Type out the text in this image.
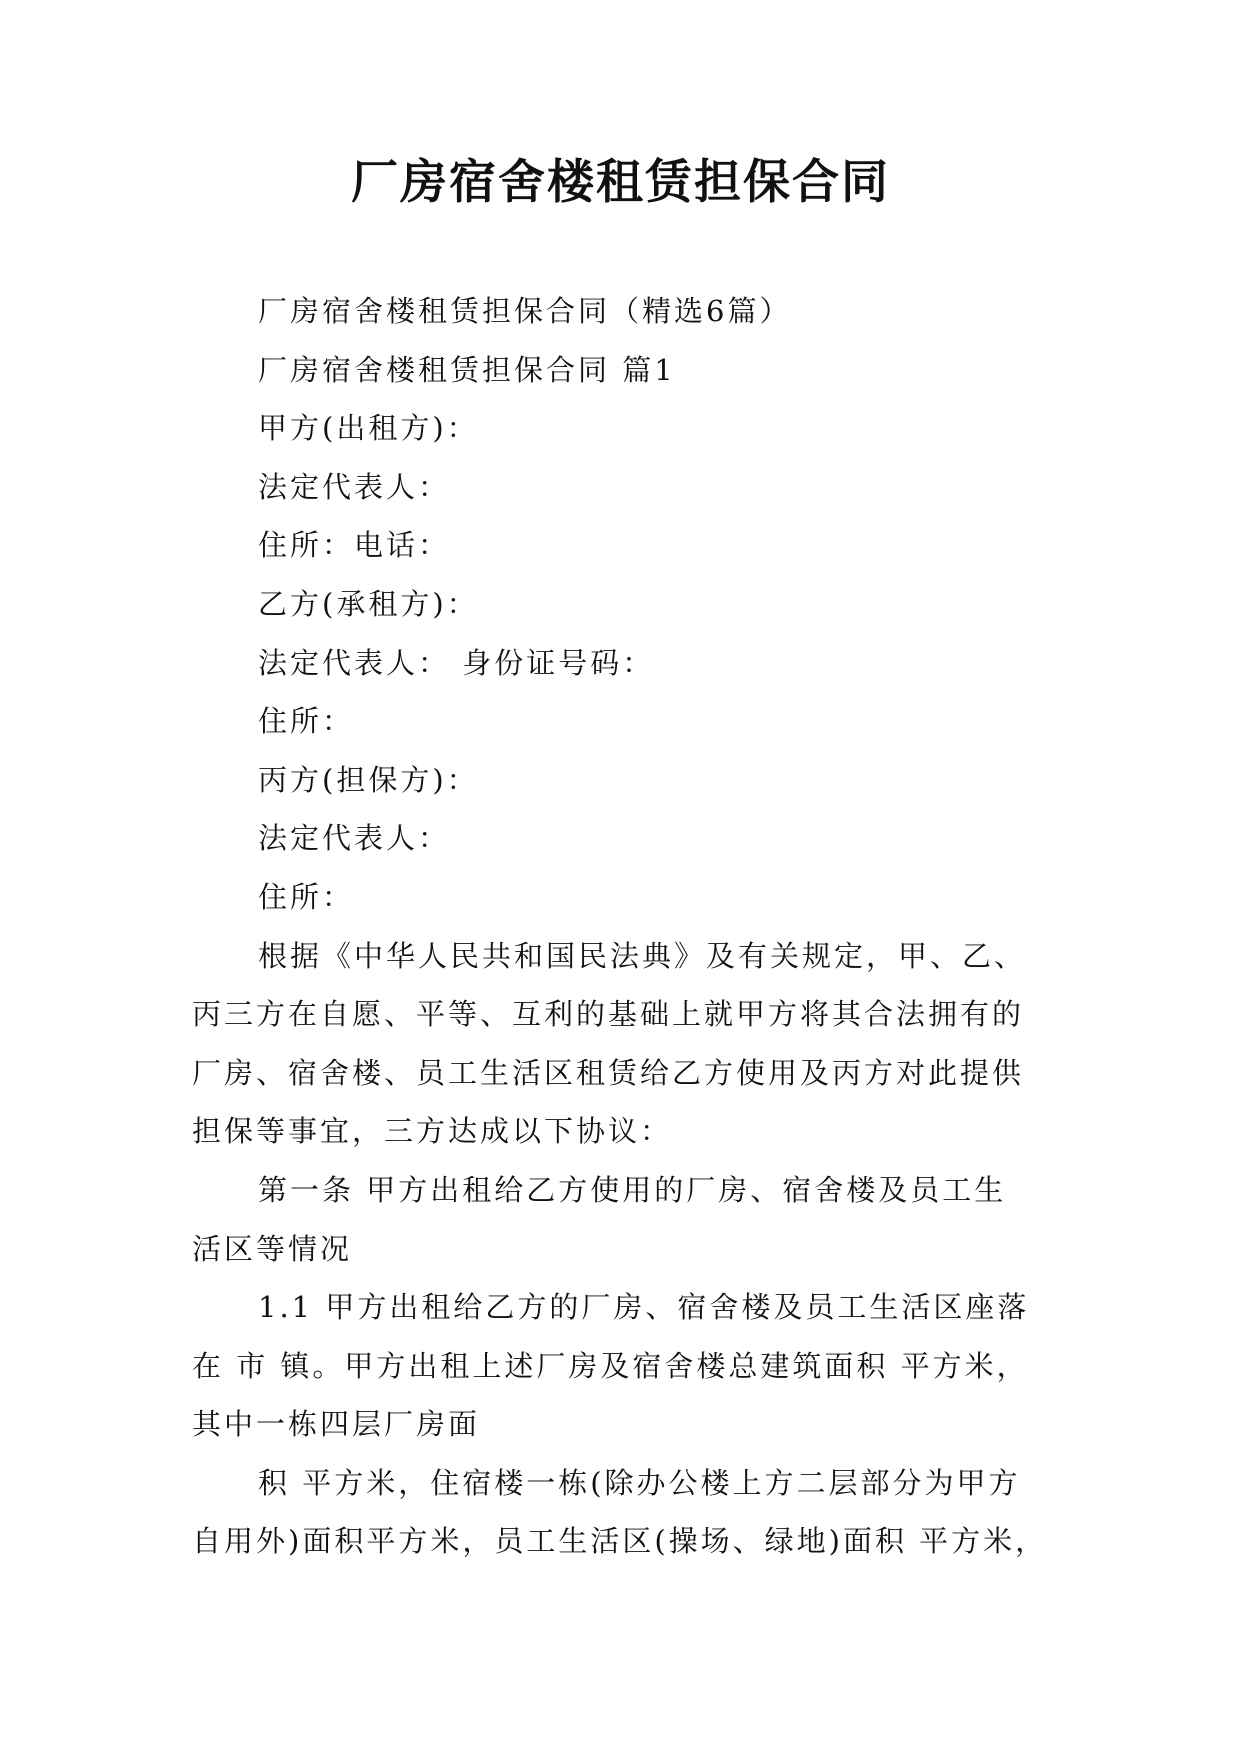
厂房宿舍楼租赁担保合同

厂房宿舍楼租赁担保合同（精选6篇）

厂房宿舍楼租赁担保合同 篇1

甲方(出租方)：

法定代表人：

住所：电话：

乙方(承租方)：

法定代表人： 身份证号码：

住所：

丙方(担保方)：

法定代表人：

住所：

根据《中华人民共和国民法典》及有关规定，甲、乙、

丙三方在自愿、平等、互利的基础上就甲方将其合法拥有的

厂房、宿舍楼、员工生活区租赁给乙方使用及丙方对此提供

担保等事宜，三方达成以下协议：

第一条 甲方出租给乙方使用的厂房、宿舍楼及员工生

活区等情况

1.1 甲方出租给乙方的厂房、宿舍楼及员工生活区座落

在 市 镇。甲方出租上述厂房及宿舍楼总建筑面积 平方米，

其中一栋四层厂房面

积 平方米，住宿楼一栋(除办公楼上方二层部分为甲方

自用外)面积平方米，员工生活区(操场、绿地)面积 平方米，
